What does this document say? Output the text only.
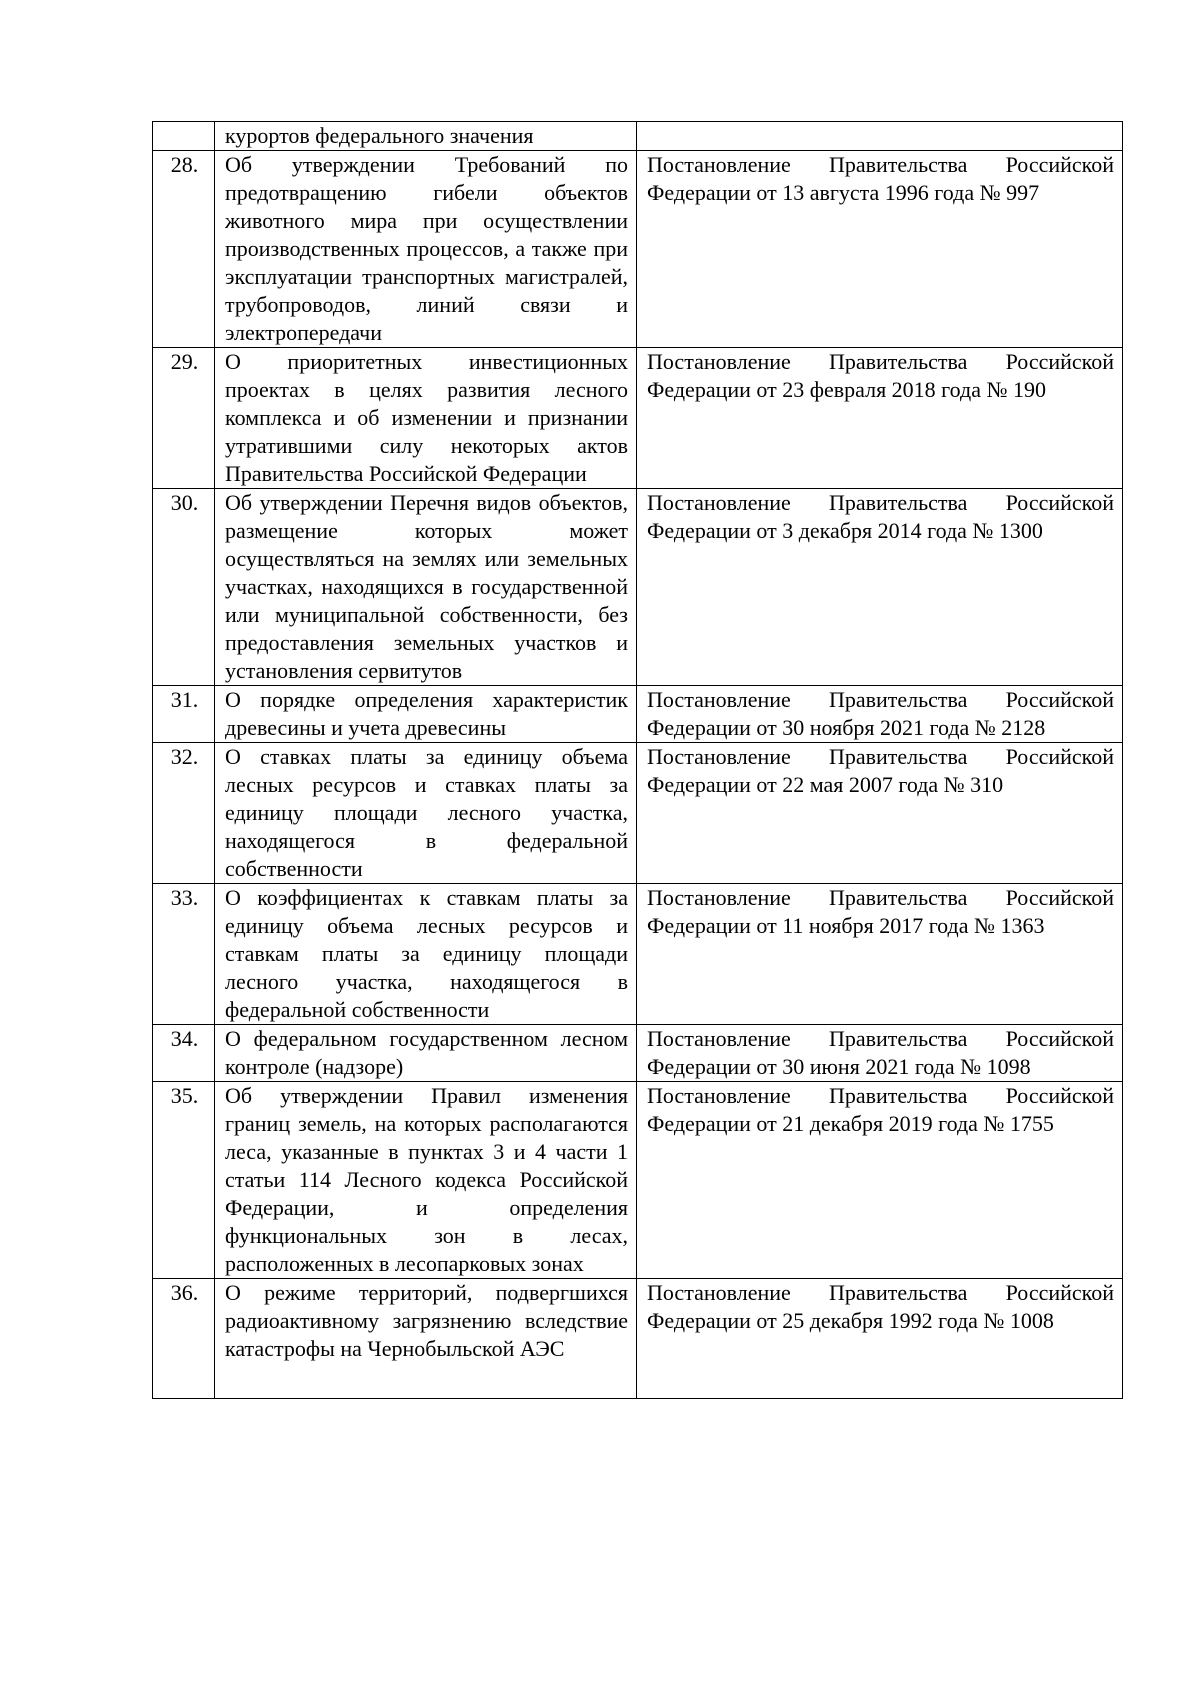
	курортов федерального значения	
28.	Об утверждении Требований по предотвращению гибели объектов животного мира при осуществлении производственных процессов, а также при эксплуатации транспортных магистралей, трубопроводов, линий связи и электропередачи	Постановление Правительства Российской Федерации от 13 августа 1996 года № 997
29.	О приоритетных инвестиционных проектах в целях развития лесного комплекса и об изменении и признании утратившими силу некоторых актов Правительства Российской Федерации	Постановление Правительства Российской Федерации от 23 февраля 2018 года № 190
30.	Об утверждении Перечня видов объектов, размещение которых может осуществляться на землях или земельных участках, находящихся в государственной или муниципальной собственности, без предоставления земельных участков и установления сервитутов	Постановление Правительства Российской Федерации от 3 декабря 2014 года № 1300
31.	О порядке определения характеристик древесины и учета древесины	Постановление Правительства Российской Федерации от 30 ноября 2021 года № 2128
32.	О ставках платы за единицу объема лесных ресурсов и ставках платы за единицу площади лесного участка, находящегося в федеральной собственности	Постановление Правительства Российской Федерации от 22 мая 2007 года № 310
33.	О коэффициентах к ставкам платы за единицу объема лесных ресурсов и ставкам платы за единицу площади лесного участка, находящегося в федеральной собственности	Постановление Правительства Российской Федерации от 11 ноября 2017 года № 1363
34.	О федеральном государственном лесном контроле (надзоре)	Постановление Правительства Российской Федерации от 30 июня 2021 года № 1098
35.	Об утверждении Правил изменения границ земель, на которых располагаются леса, указанные в пунктах 3 и 4 части 1 статьи 114 Лесного кодекса Российской Федерации, и определения функциональных зон в лесах, расположенных в лесопарковых зонах	Постановление Правительства Российской Федерации от 21 декабря 2019 года № 1755
36.	О режиме территорий, подвергшихся радиоактивному загрязнению вследствие катастрофы на Чернобыльской АЭС	Постановление Правительства Российской Федерации от 25 декабря 1992 года № 1008
